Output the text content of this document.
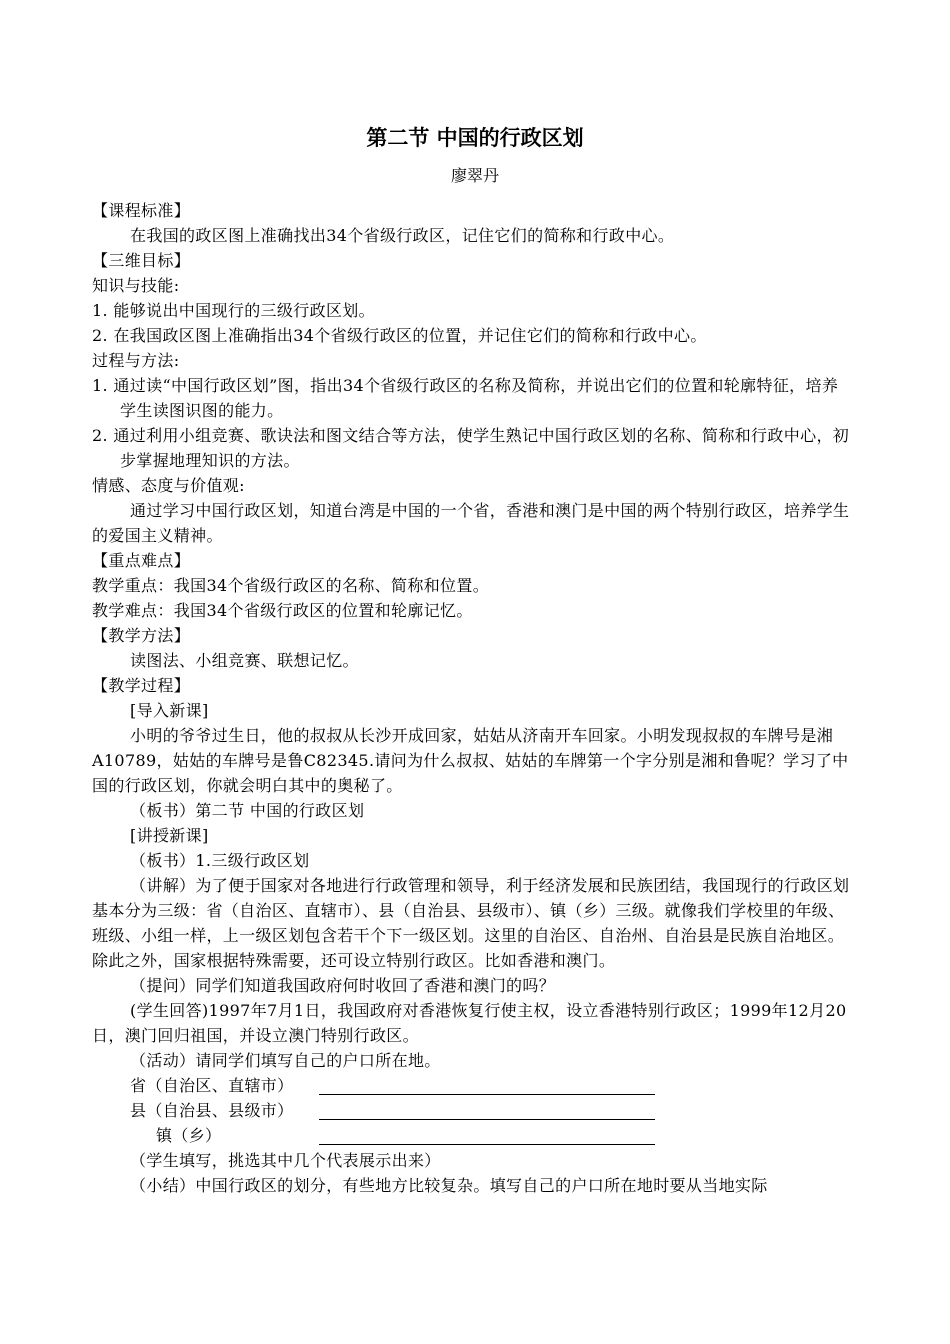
第二节 中国的行政区划
廖翠丹

【课程标准】

在我国的政区图上准确找出34个省级行政区，记住它们的简称和行政中心。

【三维目标】

知识与技能:

1. 能够说出中国现行的三级行政区划。

2. 在我国政区图上准确指出34个省级行政区的位置，并记住它们的简称和行政中心。

过程与方法:

1. 通过读“中国行政区划”图，指出34个省级行政区的名称及简称，并说出它们的位置和轮廓特征，培养学生读图识图的能力。

2. 通过利用小组竞赛、歌诀法和图文结合等方法，使学生熟记中国行政区划的名称、简称和行政中心，初步掌握地理知识的方法。

情感、态度与价值观:

通过学习中国行政区划，知道台湾是中国的一个省，香港和澳门是中国的两个特别行政区，培养学生的爱国主义精神。

【重点难点】

教学重点：我国34个省级行政区的名称、简称和位置。

教学难点：我国34个省级行政区的位置和轮廓记忆。

【教学方法】

读图法、小组竞赛、联想记忆。

【教学过程】

[导入新课]

小明的爷爷过生日，他的叔叔从长沙开成回家，姑姑从济南开车回家。小明发现叔叔的车牌号是湘A10789，姑姑的车牌号是鲁C82345.请问为什么叔叔、姑姑的车牌第一个字分别是湘和鲁呢？学习了中国的行政区划，你就会明白其中的奥秘了。

（板书）第二节 中国的行政区划

[讲授新课]

（板书）1.三级行政区划

（讲解）为了便于国家对各地进行行政管理和领导，利于经济发展和民族团结，我国现行的行政区划基本分为三级：省（自治区、直辖市）、县（自治县、县级市）、镇（乡）三级。就像我们学校里的年级、班级、小组一样，上一级区划包含若干个下一级区划。这里的自治区、自治州、自治县是民族自治地区。除此之外，国家根据特殊需要，还可设立特别行政区。比如香港和澳门。

（提问）同学们知道我国政府何时收回了香港和澳门的吗？

(学生回答)1997年7月1日，我国政府对香港恢复行使主权，设立香港特别行政区；1999年12月20日，澳门回归祖国，并设立澳门特别行政区。

（活动）请同学们填写自己的户口所在地。

省（自治区、直辖市）
县（自治县、县级市）
镇（乡）

（学生填写，挑选其中几个代表展示出来）

（小结）中国行政区的划分，有些地方比较复杂。填写自己的户口所在地时要从当地实际
